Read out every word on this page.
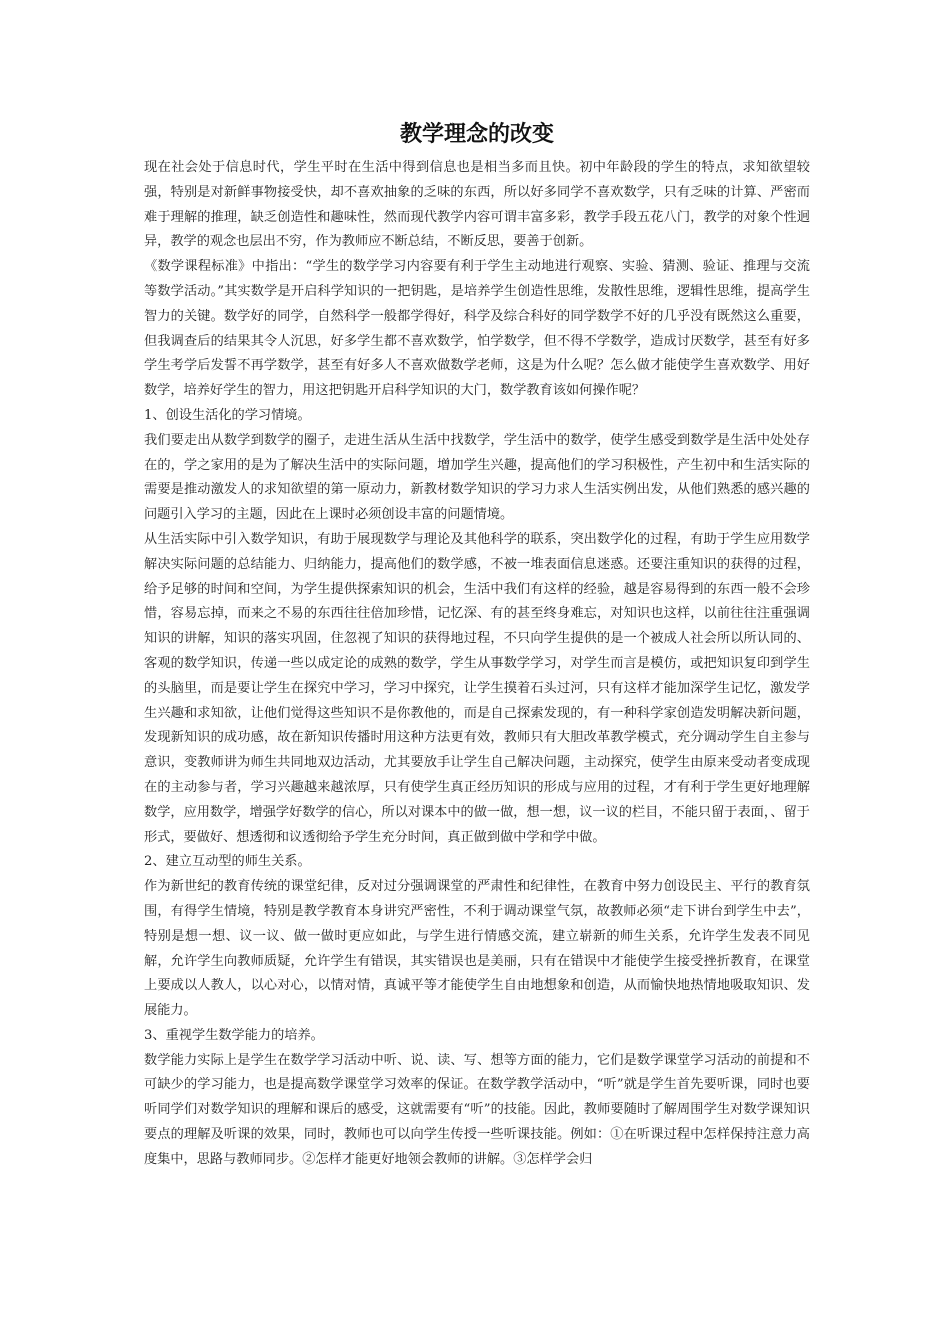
教学理念的改变

现在社会处于信息时代，学生平时在生活中得到信息也是相当多而且快。初中年龄段的学生的特点，求知欲望较强，特别是对新鲜事物接受快，却不喜欢抽象的乏味的东西，所以好多同学不喜欢数学，只有乏味的计算、严密而难于理解的推理，缺乏创造性和趣味性，然而现代教学内容可谓丰富多彩，教学手段五花八门，教学的对象个性迥异，教学的观念也层出不穷，作为教师应不断总结，不断反思，要善于创新。

《数学课程标准》中指出：“学生的数学学习内容要有利于学生主动地进行观察、实验、猜测、验证、推理与交流等数学活动。”其实数学是开启科学知识的一把钥匙，是培养学生创造性思维，发散性思维，逻辑性思维，提高学生智力的关键。数学好的同学，自然科学一般都学得好，科学及综合科好的同学数学不好的几乎没有既然这么重要，但我调查后的结果其令人沉思，好多学生都不喜欢数学，怕学数学，但不得不学数学，造成讨厌数学，甚至有好多学生考学后发誓不再学数学，甚至有好多人不喜欢做数学老师，这是为什么呢？怎么做才能使学生喜欢数学、用好数学，培养好学生的智力，用这把钥匙开启科学知识的大门，数学教育该如何操作呢？

1、创设生活化的学习情境。

我们要走出从数学到数学的圈子，走进生活从生活中找数学，学生活中的数学，使学生感受到数学是生活中处处存在的，学之家用的是为了解决生活中的实际问题，增加学生兴趣，提高他们的学习积极性，产生初中和生活实际的需要是推动激发人的求知欲望的第一原动力，新教材数学知识的学习力求人生活实例出发，从他们熟悉的感兴趣的问题引入学习的主题，因此在上课时必须创设丰富的问题情境。

从生活实际中引入数学知识，有助于展现数学与理论及其他科学的联系，突出数学化的过程，有助于学生应用数学解决实际问题的总结能力、归纳能力，提高他们的数学感，不被一堆表面信息迷惑。还要注重知识的获得的过程，给予足够的时间和空间，为学生提供探索知识的机会，生活中我们有这样的经验，越是容易得到的东西一般不会珍惜，容易忘掉，而来之不易的东西往往倍加珍惜，记忆深、有的甚至终身难忘，对知识也这样，以前往往注重强调知识的讲解，知识的落实巩固，住忽视了知识的获得地过程，不只向学生提供的是一个被成人社会所以所认同的、客观的数学知识，传递一些以成定论的成熟的数学，学生从事数学学习，对学生而言是模仿，或把知识复印到学生的头脑里，而是要让学生在探究中学习，学习中探究，让学生摸着石头过河，只有这样才能加深学生记忆，激发学生兴趣和求知欲，让他们觉得这些知识不是你教他的，而是自己探索发现的，有一种科学家创造发明解决新问题，发现新知识的成功感，故在新知识传播时用这种方法更有效，教师只有大胆改革教学模式，充分调动学生自主参与意识，变教师讲为师生共同地双边活动，尤其要放手让学生自己解决问题，主动探究，使学生由原来受动者变成现在的主动参与者，学习兴趣越来越浓厚，只有使学生真正经历知识的形成与应用的过程，才有利于学生更好地理解数学，应用数学，增强学好数学的信心，所以对课本中的做一做，想一想，议一议的栏目，不能只留于表面，、留于形式，要做好、想透彻和议透彻给予学生充分时间，真正做到做中学和学中做。

2、建立互动型的师生关系。

作为新世纪的教育传统的课堂纪律，反对过分强调课堂的严肃性和纪律性，在教育中努力创设民主、平行的教育氛围，有得学生情境，特别是教学教育本身讲究严密性，不利于调动课堂气氛，故教师必须“走下讲台到学生中去”，特别是想一想、议一议、做一做时更应如此，与学生进行情感交流，建立崭新的师生关系，允许学生发表不同见解，允许学生向教师质疑，允许学生有错误，其实错误也是美丽，只有在错误中才能使学生接受挫折教育，在课堂上要成以人教人，以心对心，以情对情，真诚平等才能使学生自由地想象和创造，从而愉快地热情地吸取知识、发展能力。

3、重视学生数学能力的培养。

数学能力实际上是学生在数学学习活动中听、说、读、写、想等方面的能力，它们是数学课堂学习活动的前提和不可缺少的学习能力，也是提高数学课堂学习效率的保证。在数学教学活动中，“听”就是学生首先要听课，同时也要听同学们对数学知识的理解和课后的感受，这就需要有“听”的技能。因此，教师要随时了解周围学生对数学课知识要点的理解及听课的效果，同时，教师也可以向学生传授一些听课技能。例如：①在听课过程中怎样保持注意力高度集中，思路与教师同步。②怎样才能更好地领会教师的讲解。③怎样学会归
